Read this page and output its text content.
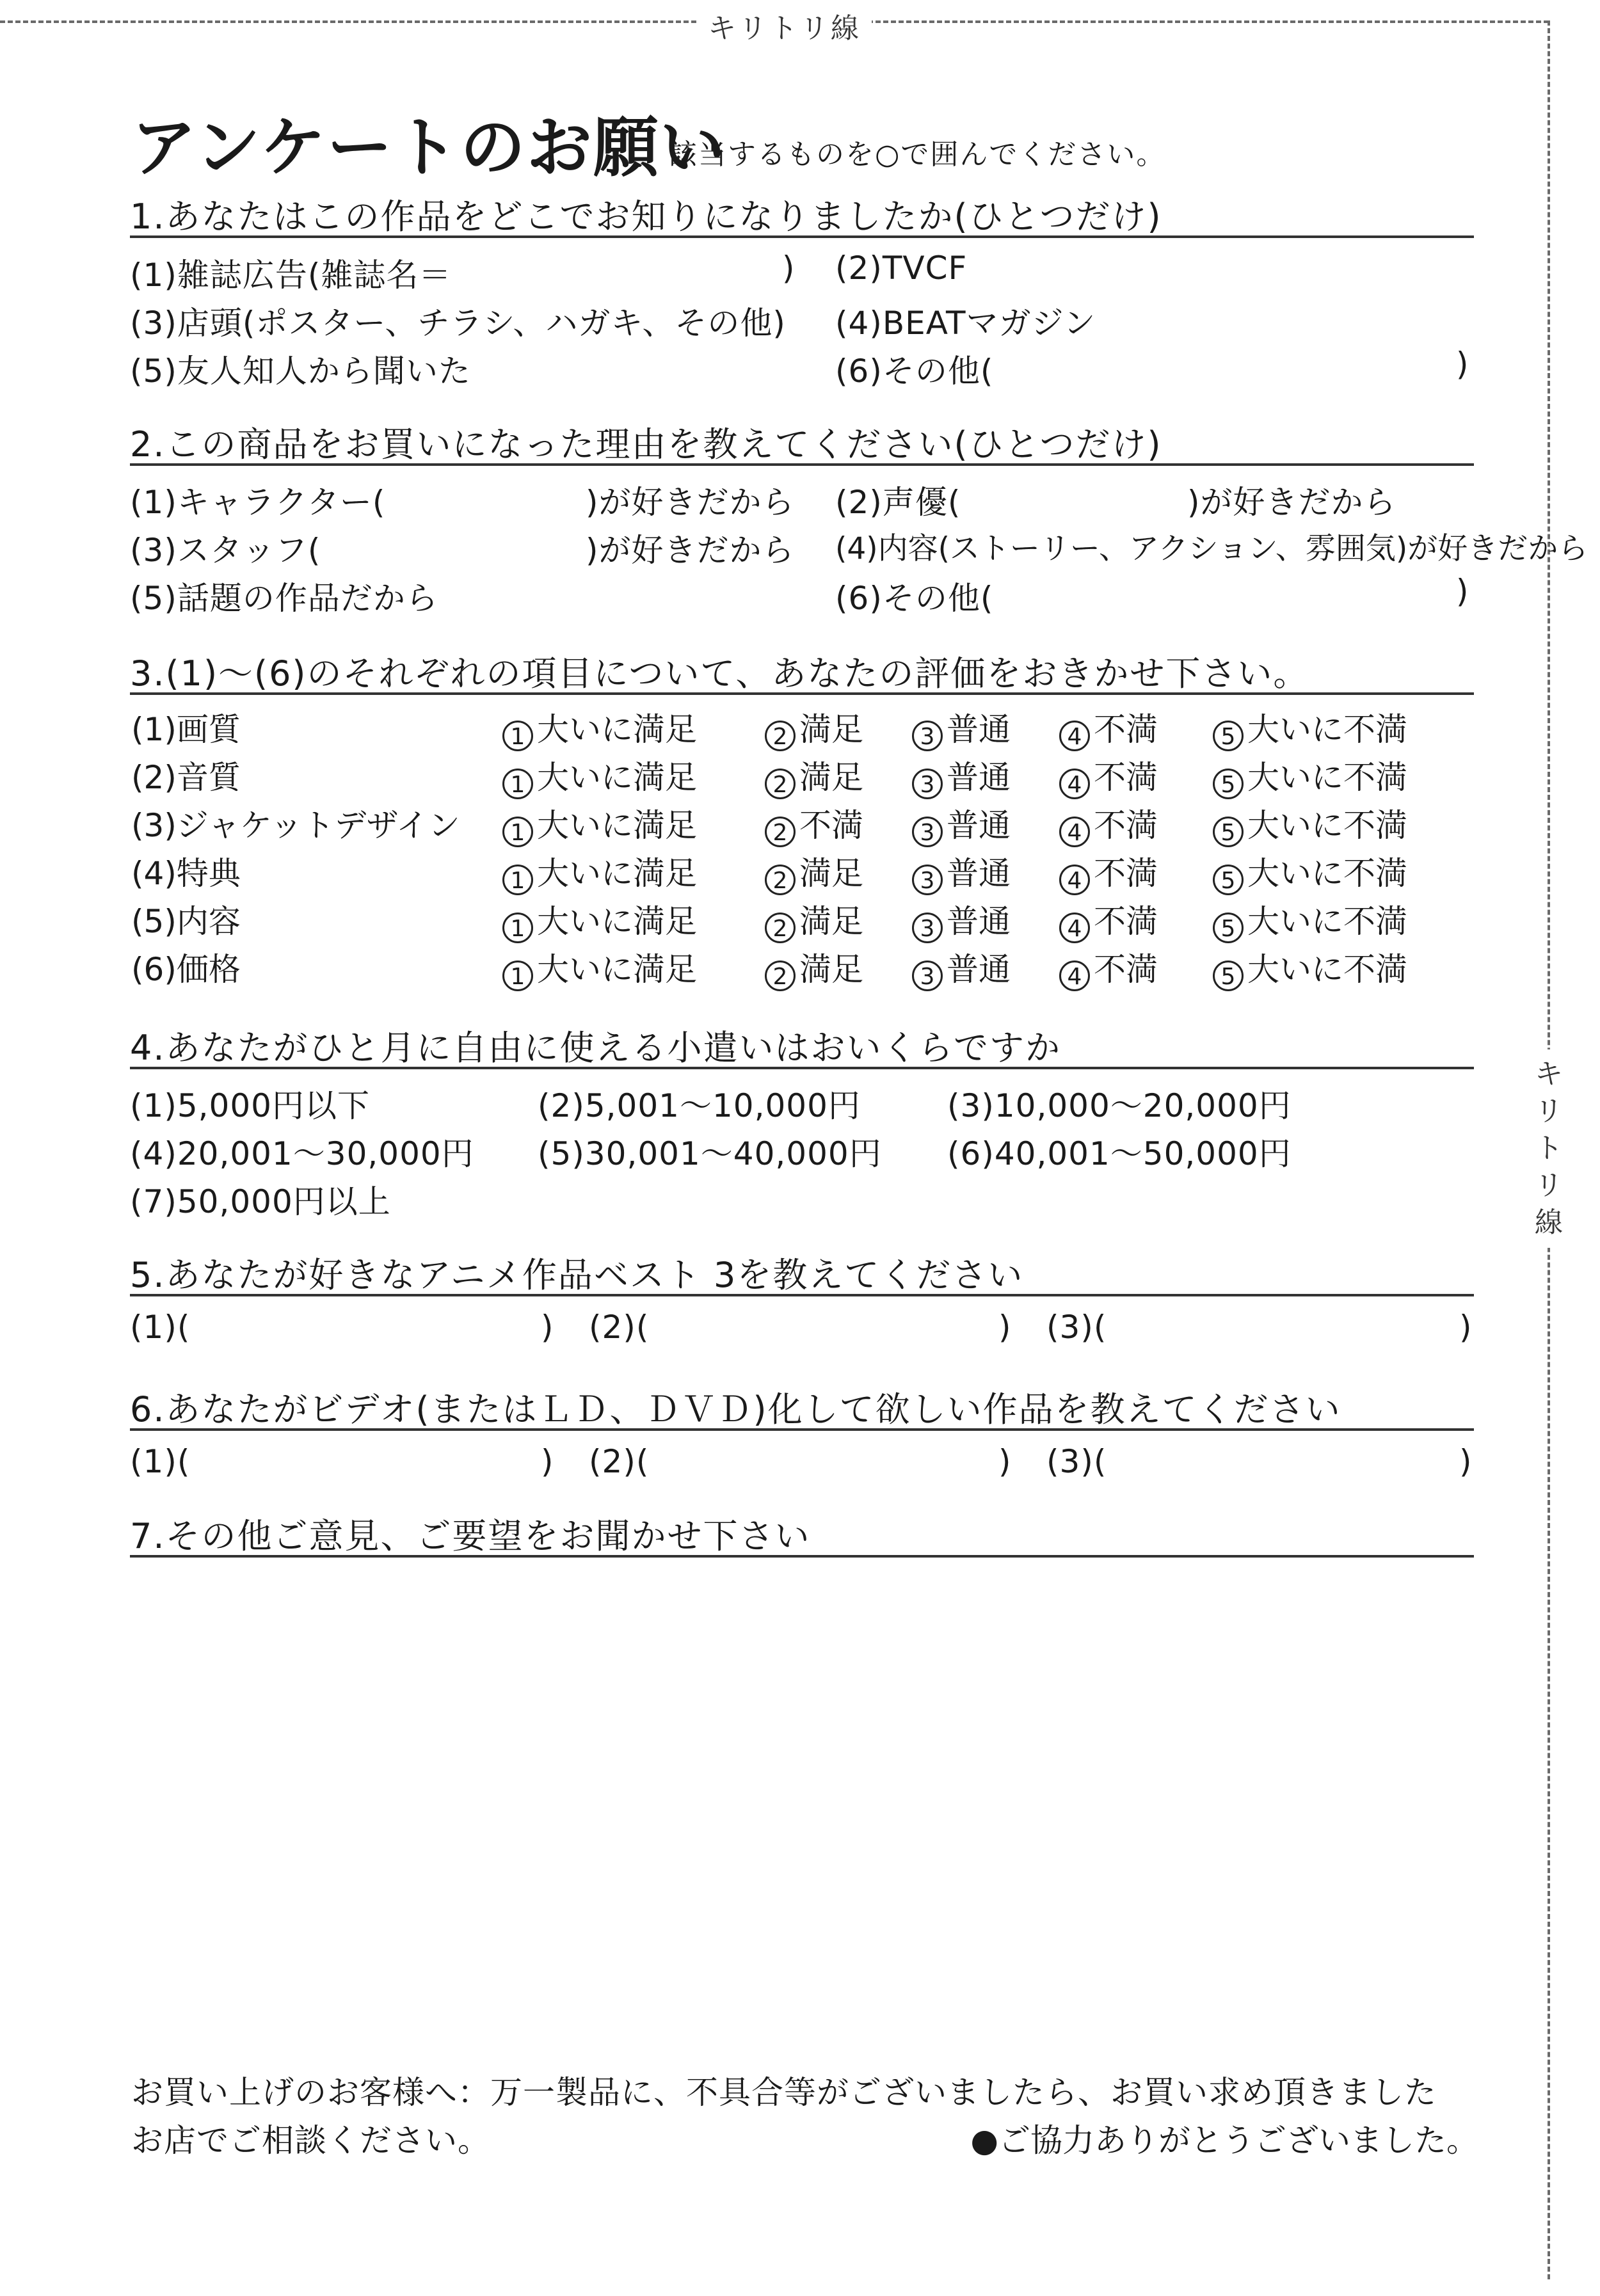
キリトリ線
キ
リ
ト
リ
線
アンケートのお願い
該当するものを○で囲んでください。
1.あなたはこの作品をどこでお知りになりましたか(ひとつだけ)
(1)雑誌広告(雑誌名＝	) (2)TVCF
(3)店頭(ポスター、チラシ、ハガキ、その他) (4)BEATマガジン
(5)友人知人から聞いた	(6)その他(	)
2.この商品をお買いになった理由を教えてください(ひとつだけ)
(1)キャラクター(	)が好きだから (2)声優(	)が好きだから
(3)スタッフ(	)が好きだから (4)内容(ストーリー、アクション、雰囲気)が好きだから
(5)話題の作品だから	(6)その他(	)
3.(1)〜(6)のそれぞれの項目について、あなたの評価をおきかせ下さい。
(1)画質	1 大いに満足	2 満足	3 普通	4 不満	5 大いに不満
(2)音質	1 大いに満足	2 満足	3 普通	4 不満	5 大いに不満
(3)ジャケットデザイン	1 大いに満足	2 不満	3 普通	4 不満	5 大いに不満
(4)特典	1 大いに満足	2 満足	3 普通	4 不満	5 大いに不満
(5)内容	1 大いに満足	2 満足	3 普通	4 不満	5 大いに不満
(6)価格	1 大いに満足	2 満足	3 普通	4 不満	5 大いに不満
4.あなたがひと月に自由に使える小遣いはおいくらですか
(1)5,000円以下	(2)5,001〜10,000円	(3)10,000〜20,000円
(4)20,001〜30,000円 (5)30,001〜40,000円 (6)40,001〜50,000円
(7)50,000円以上
5.あなたが好きなアニメ作品ベスト 3を教えてください
(1)(	) (2)(	) (3)(	)
6.あなたがビデオ(またはＬＤ、ＤＶＤ)化して欲しい作品を教えてください
(1)(	) (2)(	) (3)(	)
7.その他ご意見、ご要望をお聞かせ下さい
お買い上げのお客様へ：万一製品に、不具合等がございましたら、お買い求め頂きました
お店でご相談ください。	●ご協力ありがとうございました。
